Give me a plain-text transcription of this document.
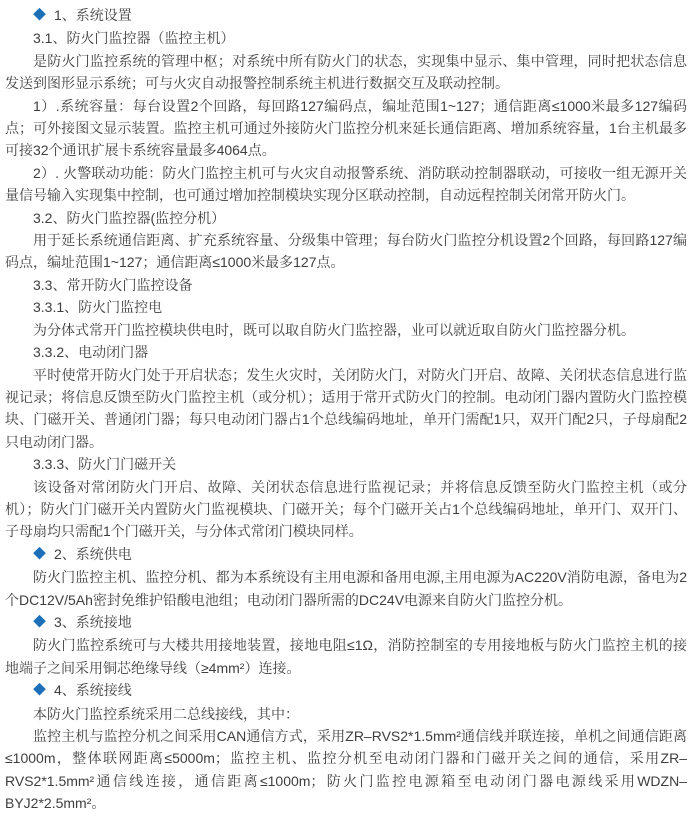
◆ 1、系统设置
3.1、防火门监控器（监控主机）
是防火门监控系统的管理中枢；对系统中所有防火门的状态，实现集中显示、集中管理，同时把状态信息发送到图形显示系统；可与火灾自动报警控制系统主机进行数据交互及联动控制。
1）.系统容量：每台设置2个回路，每回路127编码点，编址范围1~127；通信距离≤1000米最多127编码点；可外接图文显示装置。监控主机可通过外接防火门监控分机来延长通信距离、增加系统容量，1台主机最多可接32个通讯扩展卡系统容量最多4064点。
2）. 火警联动功能：防火门监控主机可与火灾自动报警系统、消防联动控制器联动，可接收一组无源开关量信号输入实现集中控制，也可通过增加控制模块实现分区联动控制，自动远程控制关闭常开防火门。
3.2、防火门监控器(监控分机）
用于延长系统通信距离、扩充系统容量、分级集中管理；每台防火门监控分机设置2个回路，每回路127编码点，编址范围1~127；通信距离≤1000米最多127点。
3.3、常开防火门监控设备
3.3.1、防火门监控电
为分体式常开门监控模块供电时，既可以取自防火门监控器，业可以就近取自防火门监控器分机。
3.3.2、电动闭门器
平时使常开防火门处于开启状态；发生火灾时，关闭防火门，对防火门开启、故障、关闭状态信息进行监视记录；将信息反馈至防火门监控主机（或分机）；适用于常开式防火门的控制。电动闭门器内置防火门监控模块、门磁开关、普通闭门器；每只电动闭门器占1个总线编码地址，单开门需配1只，双开门配2只，子母扇配2只电动闭门器。
3.3.3、防火门门磁开关
该设备对常闭防火门开启、故障、关闭状态信息进行监视记录；并将信息反馈至防火门监控主机（或分机）；防火门门磁开关内置防火门监视模块、门磁开关；每个门磁开关占1个总线编码地址，单开门、双开门、子母扇均只需配1个门磁开关，与分体式常闭门模块同样。
◆ 2、系统供电
防火门监控主机、监控分机、都为本系统设有主用电源和备用电源,主用电源为AC220V消防电源，备电为2个DC12V/5Ah密封免维护铅酸电池组；电动闭门器所需的DC24V电源来自防火门监控分机。
◆ 3、系统接地
防火门监控系统可与大楼共用接地装置，接地电阻≤1Ω，消防控制室的专用接地板与防火门监控主机的接地端子之间采用铜芯绝缘导线（≥4mm²）连接。
◆ 4、系统接线
本防火门监控系统采用二总线接线，其中：
监控主机与监控分机之间采用CAN通信方式，采用ZR–RVS2*1.5mm²通信线并联连接，单机之间通信距离≤1000m，整体联网距离≤5000m；监控主机、监控分机至电动闭门器和门磁开关之间的通信，采用ZR–RVS2*1.5mm²通信线连接，通信距离≤1000m；防火门监控电源箱至电动闭门器电源线采用WDZN–BYJ2*2.5mm²。
